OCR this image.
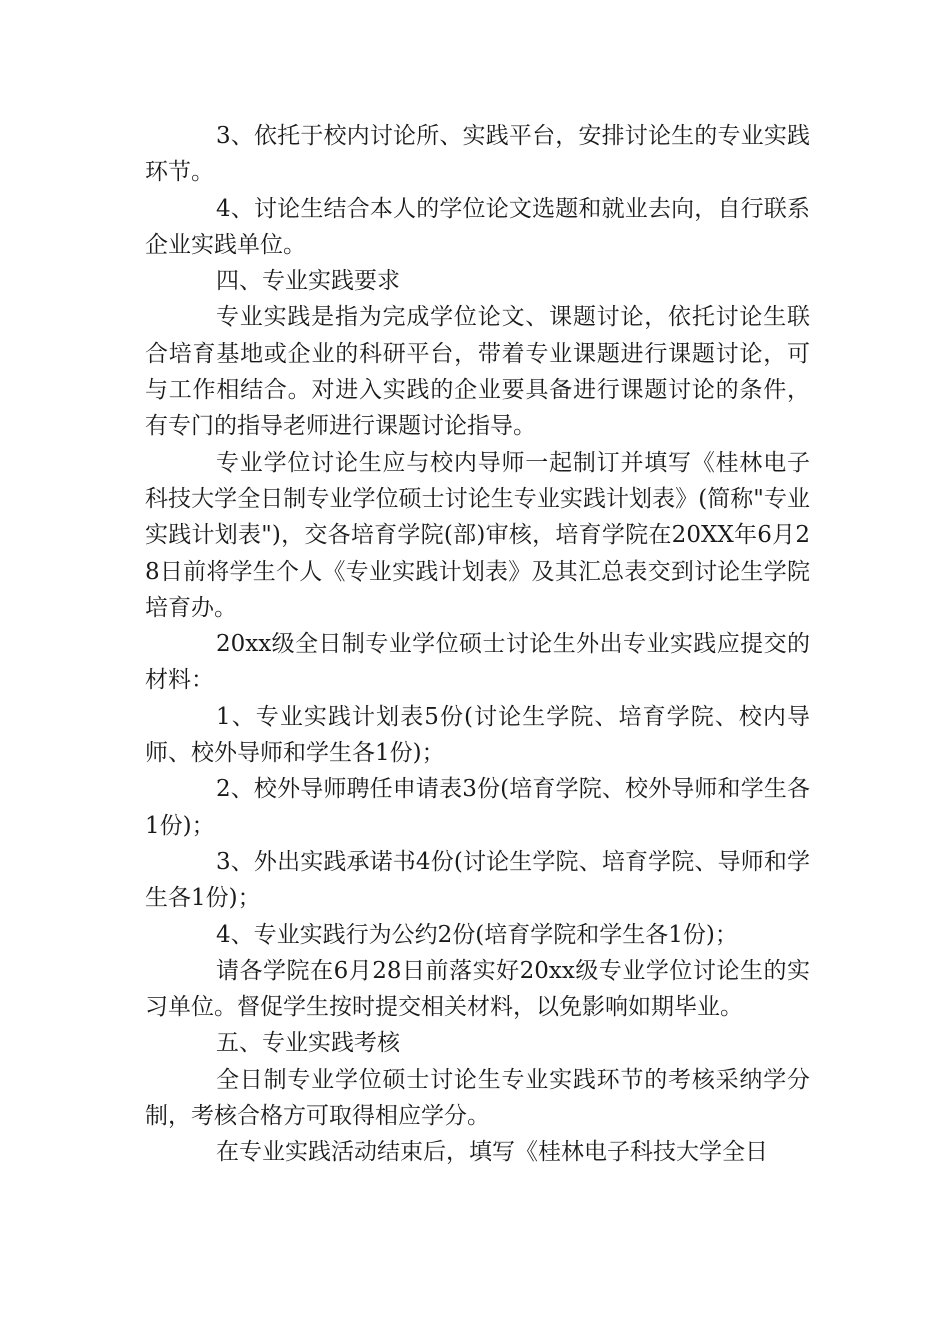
3、依托于校内讨论所、实践平台，安排讨论生的专业实践环节。

4、讨论生结合本人的学位论文选题和就业去向，自行联系企业实践单位。

四、专业实践要求

专业实践是指为完成学位论文、课题讨论，依托讨论生联合培育基地或企业的科研平台，带着专业课题进行课题讨论，可与工作相结合。对进入实践的企业要具备进行课题讨论的条件，有专门的指导老师进行课题讨论指导。

专业学位讨论生应与校内导师一起制订并填写《桂林电子科技大学全日制专业学位硕士讨论生专业实践计划表》(简称"专业实践计划表")，交各培育学院(部)审核，培育学院在20XX年6月28日前将学生个人《专业实践计划表》及其汇总表交到讨论生学院培育办。

20xx级全日制专业学位硕士讨论生外出专业实践应提交的材料：

1、专业实践计划表5份(讨论生学院、培育学院、校内导师、校外导师和学生各1份)；

2、校外导师聘任申请表3份(培育学院、校外导师和学生各1份)；

3、外出实践承诺书4份(讨论生学院、培育学院、导师和学生各1份)；

4、专业实践行为公约2份(培育学院和学生各1份)；

请各学院在6月28日前落实好20xx级专业学位讨论生的实习单位。督促学生按时提交相关材料，以免影响如期毕业。

五、专业实践考核

全日制专业学位硕士讨论生专业实践环节的考核采纳学分制，考核合格方可取得相应学分。

在专业实践活动结束后，填写《桂林电子科技大学全日
